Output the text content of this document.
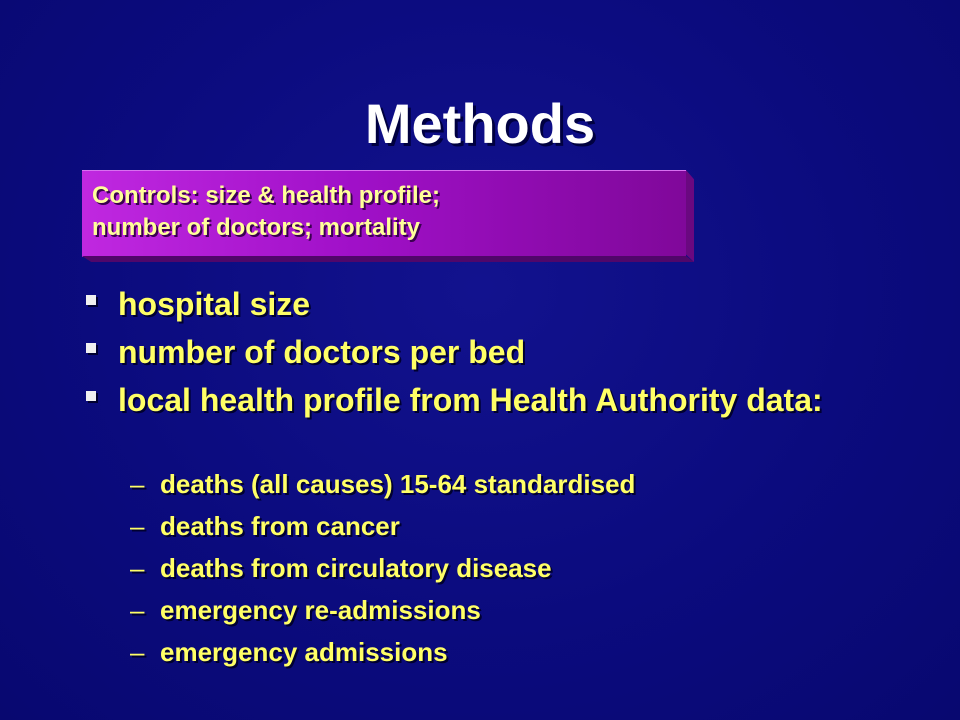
Methods
Controls: size & health profile;
number of doctors; mortality
hospital size
number of doctors per bed
local health profile from Health Authority data:
– deaths (all causes) 15-64 standardised
– deaths from cancer
– deaths from circulatory disease
– emergency re-admissions
– emergency admissions
